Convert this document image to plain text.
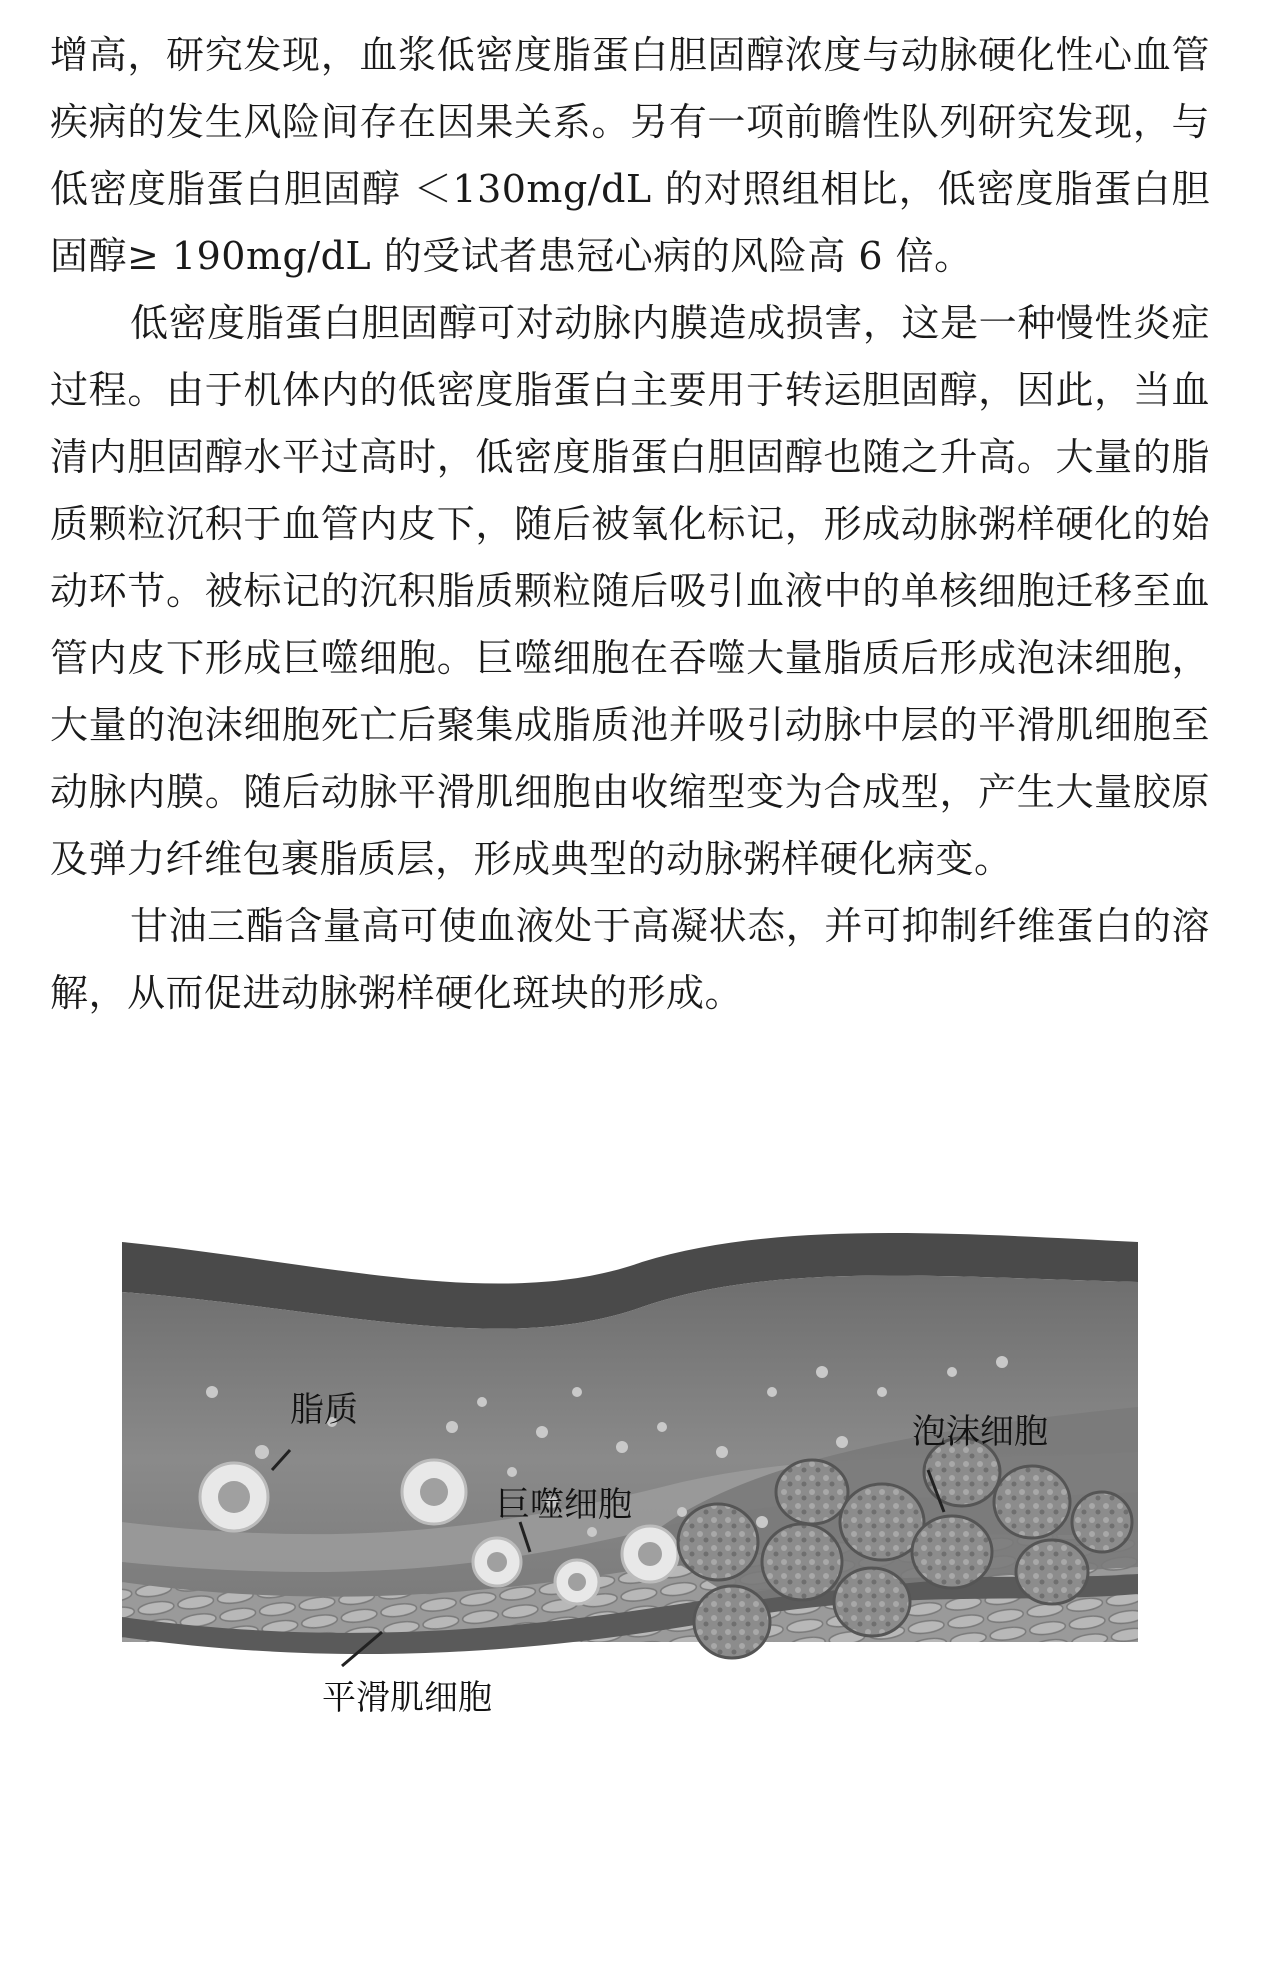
增高，研究发现，血浆低密度脂蛋白胆固醇浓度与动脉硬化性心血管疾病的发生风险间存在因果关系。另有一项前瞻性队列研究发现，与低密度脂蛋白胆固醇 ＜130mg/dL 的对照组相比，低密度脂蛋白胆固醇≥ 190mg/dL 的受试者患冠心病的风险高 6 倍。

低密度脂蛋白胆固醇可对动脉内膜造成损害，这是一种慢性炎症过程。由于机体内的低密度脂蛋白主要用于转运胆固醇，因此，当血清内胆固醇水平过高时，低密度脂蛋白胆固醇也随之升高。大量的脂质颗粒沉积于血管内皮下，随后被氧化标记，形成动脉粥样硬化的始动环节。被标记的沉积脂质颗粒随后吸引血液中的单核细胞迁移至血管内皮下形成巨噬细胞。巨噬细胞在吞噬大量脂质后形成泡沫细胞，大量的泡沫细胞死亡后聚集成脂质池并吸引动脉中层的平滑肌细胞至动脉内膜。随后动脉平滑肌细胞由收缩型变为合成型，产生大量胶原及弹力纤维包裹脂质层，形成典型的动脉粥样硬化病变。

甘油三酯含量高可使血液处于高凝状态，并可抑制纤维蛋白的溶解，从而促进动脉粥样硬化斑块的形成。

脂质
巨噬细胞
泡沫细胞
平滑肌细胞
